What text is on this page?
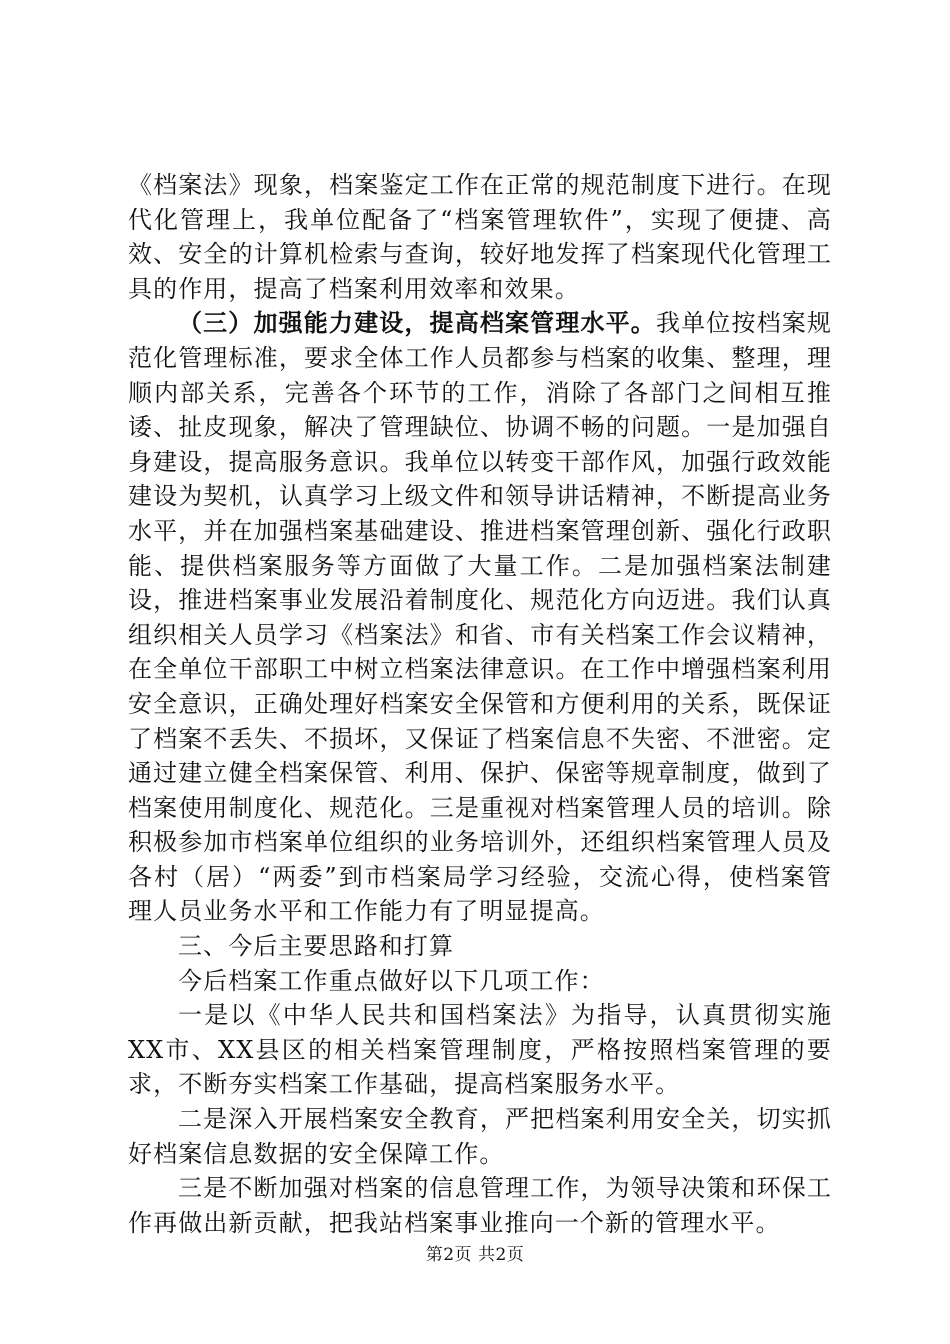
《档案法》现象，档案鉴定工作在正常的规范制度下进行。在现代化管理上，我单位配备了“档案管理软件”，实现了便捷、高效、安全的计算机检索与查询，较好地发挥了档案现代化管理工具的作用，提高了档案利用效率和效果。

（三）加强能力建设，提高档案管理水平。我单位按档案规范化管理标准，要求全体工作人员都参与档案的收集、整理，理顺内部关系，完善各个环节的工作，消除了各部门之间相互推诿、扯皮现象，解决了管理缺位、协调不畅的问题。一是加强自身建设，提高服务意识。我单位以转变干部作风，加强行政效能建设为契机，认真学习上级文件和领导讲话精神，不断提高业务水平，并在加强档案基础建设、推进档案管理创新、强化行政职能、提供档案服务等方面做了大量工作。二是加强档案法制建设，推进档案事业发展沿着制度化、规范化方向迈进。我们认真组织相关人员学习《档案法》和省、市有关档案工作会议精神，在全单位干部职工中树立档案法律意识。在工作中增强档案利用安全意识，正确处理好档案安全保管和方便利用的关系，既保证了档案不丢失、不损坏，又保证了档案信息不失密、不泄密。定通过建立健全档案保管、利用、保护、保密等规章制度，做到了档案使用制度化、规范化。三是重视对档案管理人员的培训。除积极参加市档案单位组织的业务培训外，还组织档案管理人员及各村（居）“两委”到市档案局学习经验，交流心得，使档案管理人员业务水平和工作能力有了明显提高。

三、今后主要思路和打算

今后档案工作重点做好以下几项工作：

一是以《中华人民共和国档案法》为指导，认真贯彻实施XX市、XX县区的相关档案管理制度，严格按照档案管理的要求，不断夯实档案工作基础，提高档案服务水平。

二是深入开展档案安全教育，严把档案利用安全关，切实抓好档案信息数据的安全保障工作。

三是不断加强对档案的信息管理工作，为领导决策和环保工作再做出新贡献，把我站档案事业推向一个新的管理水平。

第2页 共2页
